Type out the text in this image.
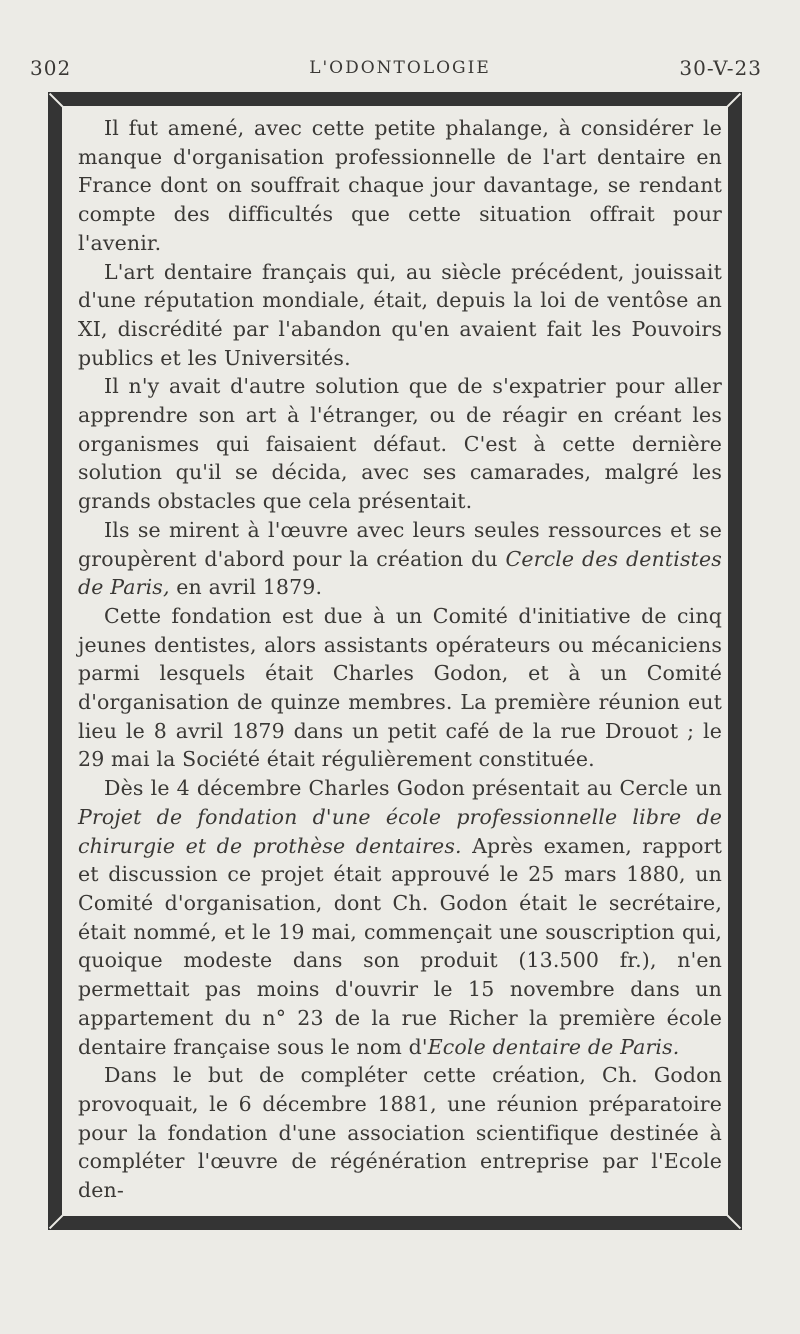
302	L'ODONTOLOGIE	30-V-23

Il fut amené, avec cette petite phalange, à considérer le manque d'organisation professionnelle de l'art dentaire en France dont on souffrait chaque jour davantage, se rendant compte des difficultés que cette situation offrait pour l'avenir.

L'art dentaire français qui, au siècle précédent, jouissait d'une réputation mondiale, était, depuis la loi de ventôse an XI, discrédité par l'abandon qu'en avaient fait les Pouvoirs publics et les Universités.

Il n'y avait d'autre solution que de s'expatrier pour aller apprendre son art à l'étranger, ou de réagir en créant les organismes qui faisaient défaut. C'est à cette dernière solution qu'il se décida, avec ses camarades, malgré les grands obstacles que cela présentait.

Ils se mirent à l'œuvre avec leurs seules ressources et se groupèrent d'abord pour la création du Cercle des dentistes de Paris, en avril 1879.

Cette fondation est due à un Comité d'initiative de cinq jeunes dentistes, alors assistants opérateurs ou mécaniciens parmi lesquels était Charles Godon, et à un Comité d'organisation de quinze membres. La première réunion eut lieu le 8 avril 1879 dans un petit café de la rue Drouot ; le 29 mai la Société était régulièrement constituée.

Dès le 4 décembre Charles Godon présentait au Cercle un Projet de fondation d'une école professionnelle libre de chirurgie et de prothèse dentaires. Après examen, rapport et discussion ce projet était approuvé le 25 mars 1880, un Comité d'organisation, dont Ch. Godon était le secrétaire, était nommé, et le 19 mai, commençait une souscription qui, quoique modeste dans son produit (13.500 fr.), n'en permettait pas moins d'ouvrir le 15 novembre dans un appartement du n° 23 de la rue Richer la première école dentaire française sous le nom d'Ecole dentaire de Paris.

Dans le but de compléter cette création, Ch. Godon provoquait, le 6 décembre 1881, une réunion préparatoire pour la fondation d'une association scientifique destinée à compléter l'œuvre de régénération entreprise par l'Ecole den-
